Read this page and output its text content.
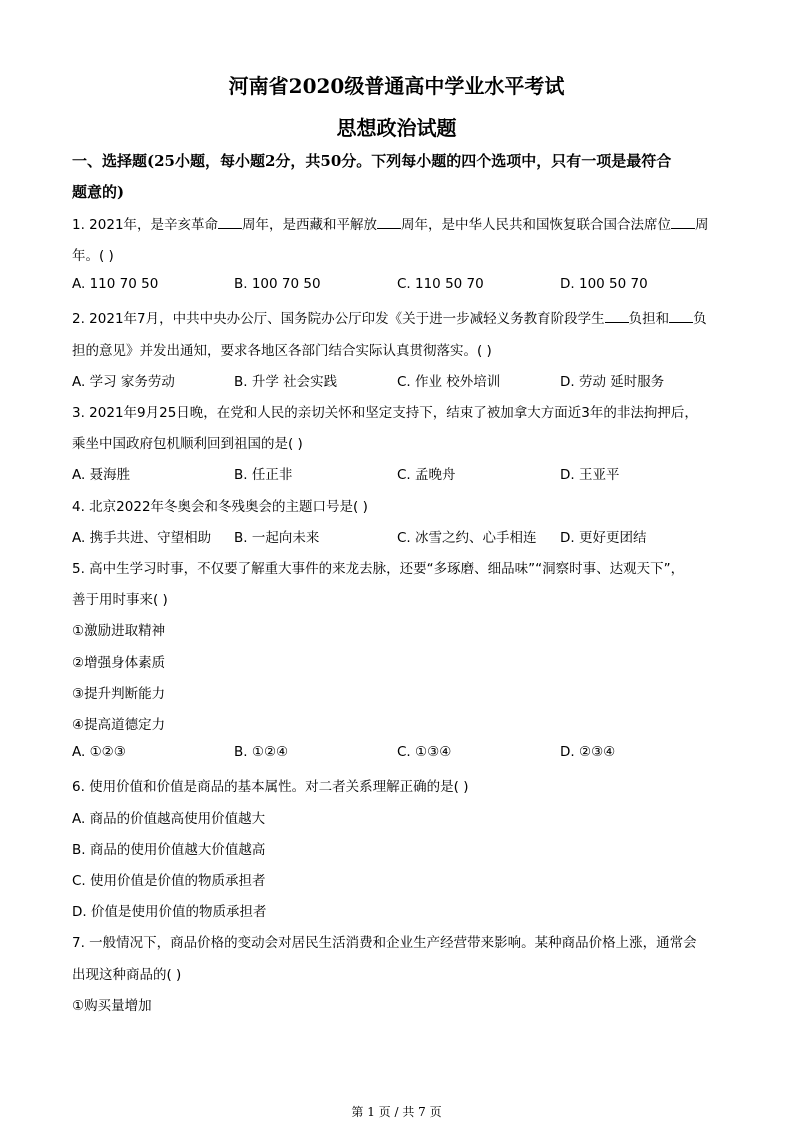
河南省2020级普通高中学业水平考试
思想政治试题
一、选择题(25小题，每小题2分，共50分。下列每小题的四个选项中，只有一项是最符合
题意的)
1. 2021年，是辛亥革命 周年，是西藏和平解放 周年，是中华人民共和国恢复联合国合法席位 周
年。( )
A. 110 70 50	B. 100 70 50	C. 110 50 70	D. 100 50 70
2. 2021年7月，中共中央办公厅、国务院办公厅印发《关于进一步减轻义务教育阶段学生 负担和 负
担的意见》并发出通知，要求各地区各部门结合实际认真贯彻落实。( )
A. 学习 家务劳动	B. 升学 社会实践	C. 作业 校外培训	D. 劳动 延时服务
3. 2021年9月25日晚，在党和人民的亲切关怀和坚定支持下，结束了被加拿大方面近3年的非法拘押后，
乘坐中国政府包机顺利回到祖国的是( )
A. 聂海胜	B. 任正非	C. 孟晚舟	D. 王亚平
4. 北京2022年冬奥会和冬残奥会的主题口号是( )
A. 携手共进、守望相助 B. 一起向未来	C. 冰雪之约、心手相连 D. 更好更团结
5. 高中生学习时事，不仅要了解重大事件的来龙去脉，还要“多琢磨、细品味”“洞察时事、达观天下”，
善于用时事来( )
①激励进取精神
②增强身体素质
③提升判断能力
④提高道德定力
A. ①②③	B. ①②④	C. ①③④	D. ②③④
6. 使用价值和价值是商品的基本属性。对二者关系理解正确的是( )
A. 商品的价值越高使用价值越大
B. 商品的使用价值越大价值越高
C. 使用价值是价值的物质承担者
D. 价值是使用价值的物质承担者
7. 一般情况下，商品价格的变动会对居民生活消费和企业生产经营带来影响。某种商品价格上涨，通常会
出现这种商品的( )
①购买量增加
第 1 页 / 共 7 页
